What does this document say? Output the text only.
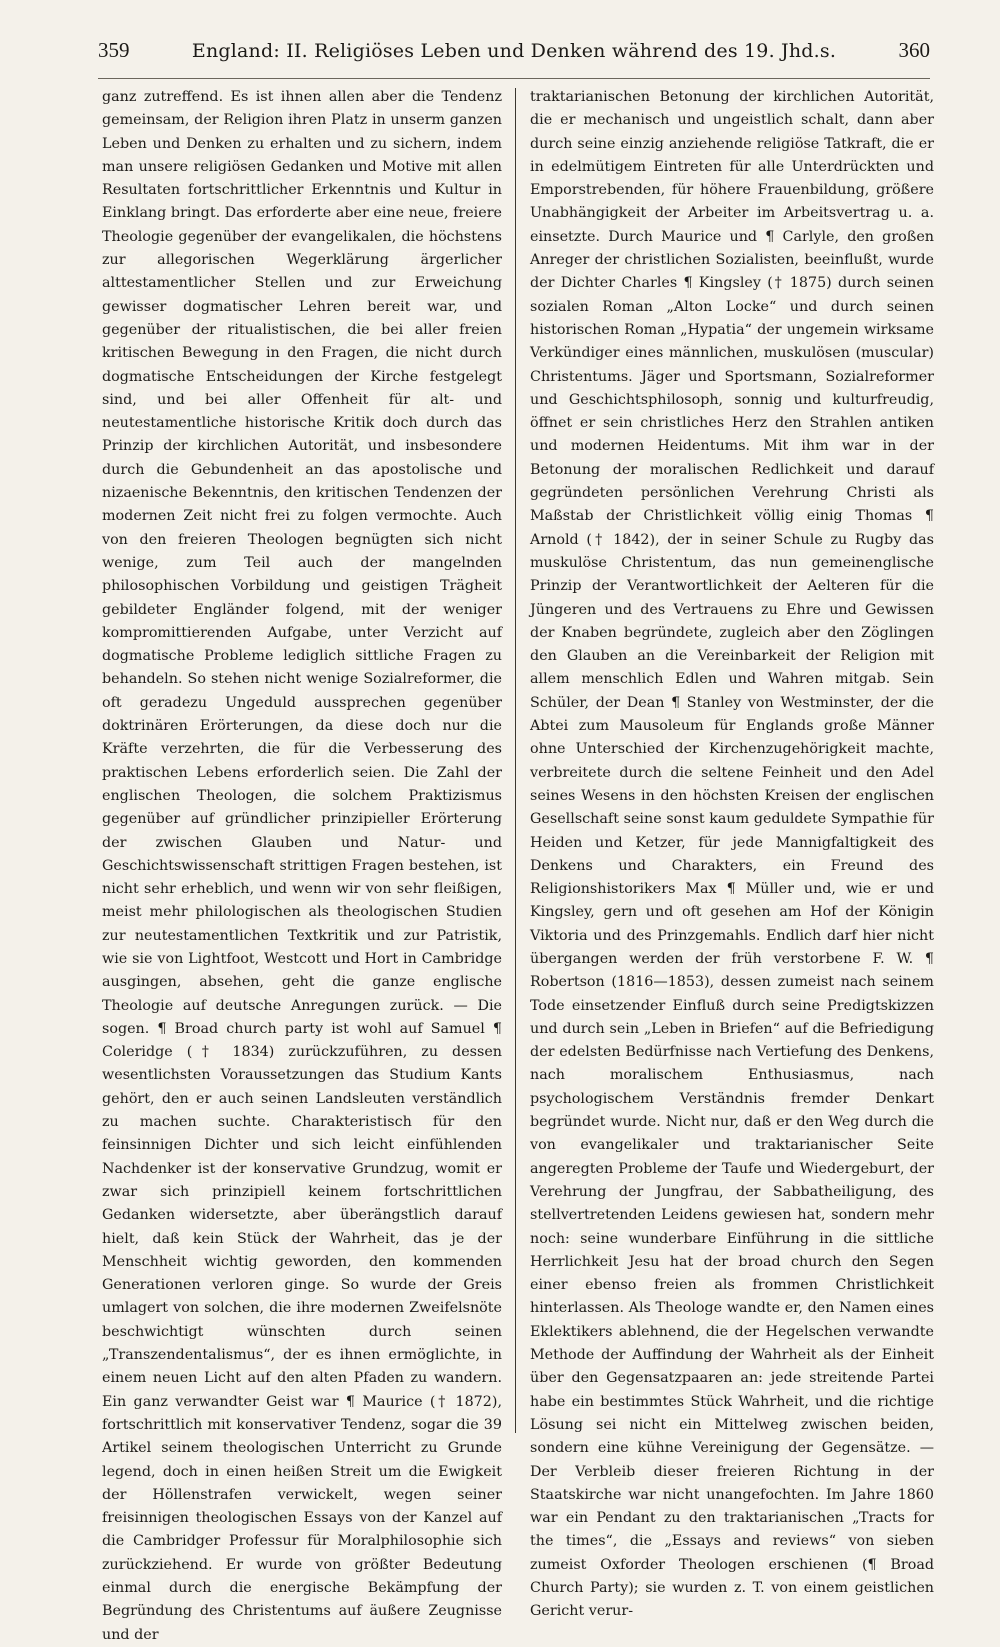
359	England: II. Religiöses Leben und Denken während des 19. Jhd.s.	360

ganz zutreffend. Es ist ihnen allen aber die Tendenz gemeinsam, der Religion ihren Platz in unserm ganzen Leben und Denken zu erhalten und zu sichern, indem man unsere religiösen Gedanken und Motive mit allen Resultaten fortschrittlicher Erkenntnis und Kultur in Einklang bringt. Das erforderte aber eine neue, freiere Theologie gegenüber der evangelikalen, die höchstens zur allegorischen Wegerklärung ärgerlicher alttestamentlicher Stellen und zur Erweichung gewisser dogmatischer Lehren bereit war, und gegenüber der ritualistischen, die bei aller freien kritischen Bewegung in den Fragen, die nicht durch dogmatische Entscheidungen der Kirche festgelegt sind, und bei aller Offenheit für alt- und neutestamentliche historische Kritik doch durch das Prinzip der kirchlichen Autorität, und insbesondere durch die Gebundenheit an das apostolische und nizaenische Bekenntnis, den kritischen Tendenzen der modernen Zeit nicht frei zu folgen vermochte. Auch von den freieren Theologen begnügten sich nicht wenige, zum Teil auch der mangelnden philosophischen Vorbildung und geistigen Trägheit gebildeter Engländer folgend, mit der weniger kompromittierenden Aufgabe, unter Verzicht auf dogmatische Probleme lediglich sittliche Fragen zu behandeln. So stehen nicht wenige Sozialreformer, die oft geradezu Ungeduld aussprechen gegenüber doktrinären Erörterungen, da diese doch nur die Kräfte verzehrten, die für die Verbesserung des praktischen Lebens erforderlich seien. Die Zahl der englischen Theologen, die solchem Praktizismus gegenüber auf gründlicher prinzipieller Erörterung der zwischen Glauben und Natur- und Geschichtswissenschaft strittigen Fragen bestehen, ist nicht sehr erheblich, und wenn wir von sehr fleißigen, meist mehr philologischen als theologischen Studien zur neutestamentlichen Textkritik und zur Patristik, wie sie von Lightfoot, Westcott und Hort in Cambridge ausgingen, absehen, geht die ganze englische Theologie auf deutsche Anregungen zurück. — Die sogen. ¶ Broad church party ist wohl auf Samuel ¶ Coleridge († 1834) zurückzuführen, zu dessen wesentlichsten Voraussetzungen das Studium Kants gehört, den er auch seinen Landsleuten verständlich zu machen suchte. Charakteristisch für den feinsinnigen Dichter und sich leicht einfühlenden Nachdenker ist der konservative Grundzug, womit er zwar sich prinzipiell keinem fortschrittlichen Gedanken widersetzte, aber überängstlich darauf hielt, daß kein Stück der Wahrheit, das je der Menschheit wichtig geworden, den kommenden Generationen verloren ginge. So wurde der Greis umlagert von solchen, die ihre modernen Zweifelsnöte beschwichtigt wünschten durch seinen „Transzendentalismus“, der es ihnen ermöglichte, in einem neuen Licht auf den alten Pfaden zu wandern. Ein ganz verwandter Geist war ¶ Maurice († 1872), fortschrittlich mit konservativer Tendenz, sogar die 39 Artikel seinem theologischen Unterricht zu Grunde legend, doch in einen heißen Streit um die Ewigkeit der Höllenstrafen verwickelt, wegen seiner freisinnigen theologischen Essays von der Kanzel auf die Cambridger Professur für Moralphilosophie sich zurückziehend. Er wurde von größter Bedeutung einmal durch die energische Bekämpfung der Begründung des Christentums auf äußere Zeugnisse und der

traktarianischen Betonung der kirchlichen Autorität, die er mechanisch und ungeistlich schalt, dann aber durch seine einzig anziehende religiöse Tatkraft, die er in edelmütigem Eintreten für alle Unterdrückten und Emporstrebenden, für höhere Frauenbildung, größere Unabhängigkeit der Arbeiter im Arbeitsvertrag u. a. einsetzte. Durch Maurice und ¶ Carlyle, den großen Anreger der christlichen Sozialisten, beeinflußt, wurde der Dichter Charles ¶ Kingsley († 1875) durch seinen sozialen Roman „Alton Locke“ und durch seinen historischen Roman „Hypatia“ der ungemein wirksame Verkündiger eines männlichen, muskulösen (muscular) Christentums. Jäger und Sportsmann, Sozialreformer und Geschichtsphilosoph, sonnig und kulturfreudig, öffnet er sein christliches Herz den Strahlen antiken und modernen Heidentums. Mit ihm war in der Betonung der moralischen Redlichkeit und darauf gegründeten persönlichen Verehrung Christi als Maßstab der Christlichkeit völlig einig Thomas ¶ Arnold († 1842), der in seiner Schule zu Rugby das muskulöse Christentum, das nun gemeinenglische Prinzip der Verantwortlichkeit der Aelteren für die Jüngeren und des Vertrauens zu Ehre und Gewissen der Knaben begründete, zugleich aber den Zöglingen den Glauben an die Vereinbarkeit der Religion mit allem menschlich Edlen und Wahren mitgab. Sein Schüler, der Dean ¶ Stanley von Westminster, der die Abtei zum Mausoleum für Englands große Männer ohne Unterschied der Kirchenzugehörigkeit machte, verbreitete durch die seltene Feinheit und den Adel seines Wesens in den höchsten Kreisen der englischen Gesellschaft seine sonst kaum geduldete Sympathie für Heiden und Ketzer, für jede Mannigfaltigkeit des Denkens und Charakters, ein Freund des Religionshistorikers Max ¶ Müller und, wie er und Kingsley, gern und oft gesehen am Hof der Königin Viktoria und des Prinzgemahls. Endlich darf hier nicht übergangen werden der früh verstorbene F. W. ¶ Robertson (1816—1853), dessen zumeist nach seinem Tode einsetzender Einfluß durch seine Predigtskizzen und durch sein „Leben in Briefen“ auf die Befriedigung der edelsten Bedürfnisse nach Vertiefung des Denkens, nach moralischem Enthusiasmus, nach psychologischem Verständnis fremder Denkart begründet wurde. Nicht nur, daß er den Weg durch die von evangelikaler und traktarianischer Seite angeregten Probleme der Taufe und Wiedergeburt, der Verehrung der Jungfrau, der Sabbatheiligung, des stellvertretenden Leidens gewiesen hat, sondern mehr noch: seine wunderbare Einführung in die sittliche Herrlichkeit Jesu hat der broad church den Segen einer ebenso freien als frommen Christlichkeit hinterlassen. Als Theologe wandte er, den Namen eines Eklektikers ablehnend, die der Hegelschen verwandte Methode der Auffindung der Wahrheit als der Einheit über den Gegensatzpaaren an: jede streitende Partei habe ein bestimmtes Stück Wahrheit, und die richtige Lösung sei nicht ein Mittelweg zwischen beiden, sondern eine kühne Vereinigung der Gegensätze. — Der Verbleib dieser freieren Richtung in der Staatskirche war nicht unangefochten. Im Jahre 1860 war ein Pendant zu den traktarianischen „Tracts for the times“, die „Essays and reviews“ von sieben zumeist Oxforder Theologen erschienen (¶ Broad Church Party); sie wurden z. T. von einem geistlichen Gericht verur-
